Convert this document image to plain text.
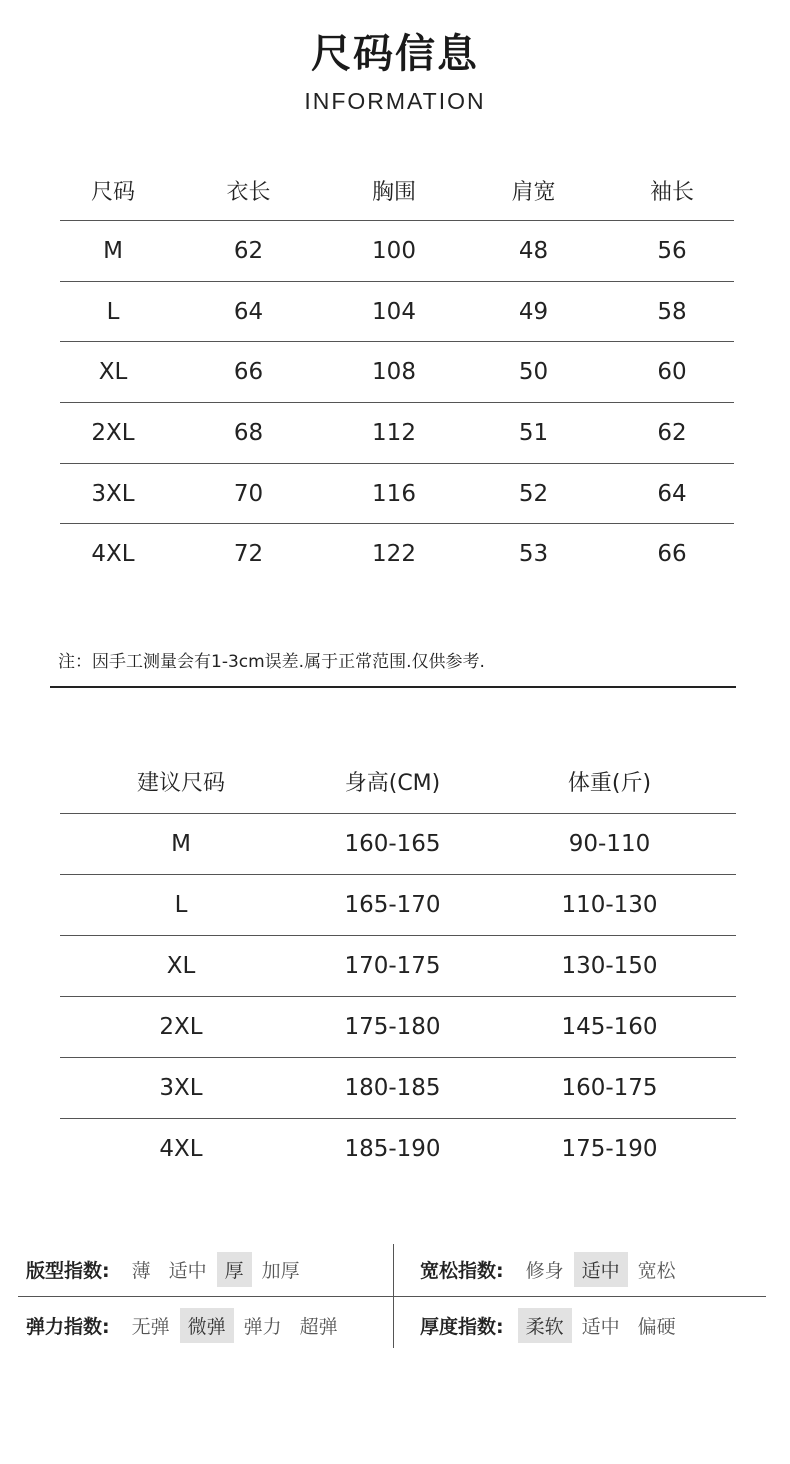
尺码信息
INFORMATION
尺码	衣长	胸围	肩宽	袖长
M	62	100	48	56
L	64	104	49	58
XL	66	108	50	60
2XL	68	112	51	62
3XL	70	116	52	64
4XL	72	122	53	66
注：因手工测量会有1-3cm误差.属于正常范围.仅供参考.
建议尺码	身高(CM)	体重(斤)
M	160-165	90-110
L	165-170	110-130
XL	170-175	130-150
2XL	175-180	145-160
3XL	180-185	160-175
4XL	185-190	175-190
版型指数:	薄 适中 厚 加厚	宽松指数:	修身 适中 宽松
弹力指数:	无弹 微弹 弹力 超弹	厚度指数:	柔软 适中 偏硬
